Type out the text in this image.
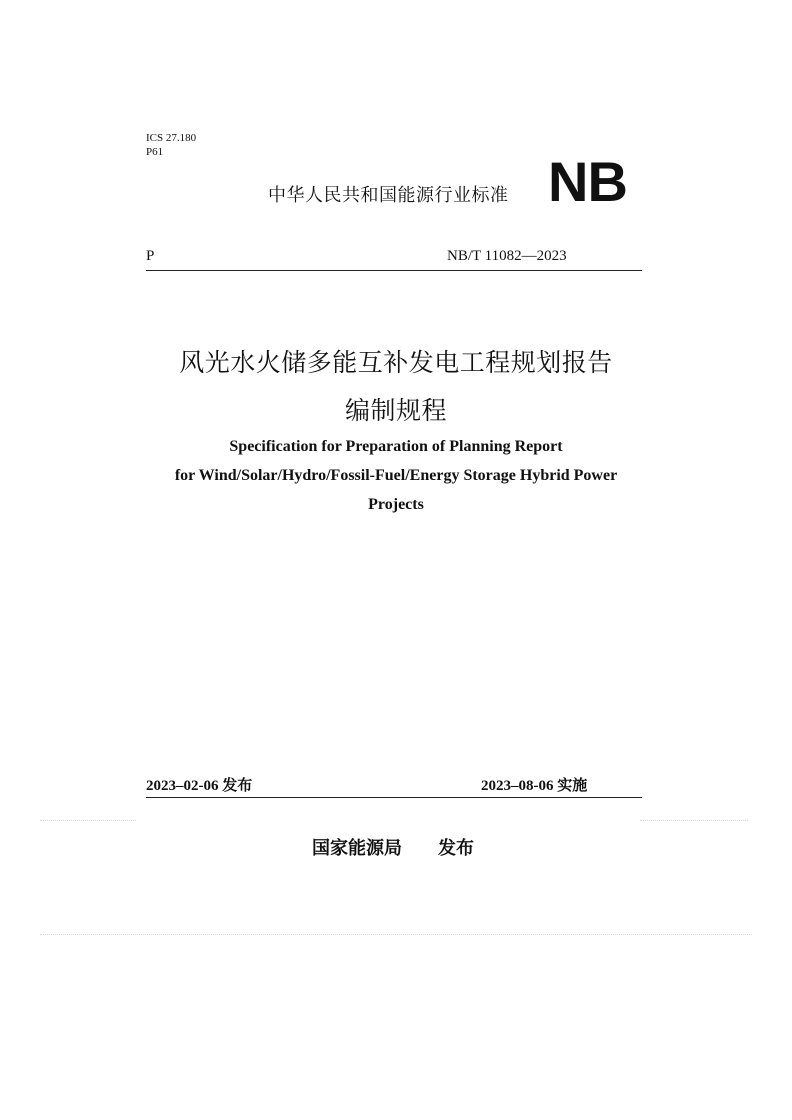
ICS 27.180
P61
中华人民共和国能源行业标准 NB
P	NB/T 11082—2023
风光水火储多能互补发电工程规划报告
编制规程
Specification for Preparation of Planning Report
for Wind/Solar/Hydro/Fossil-Fuel/Energy Storage Hybrid Power
Projects
2023–02-06 发布	2023–08-06 实施
国家能源局 发布
